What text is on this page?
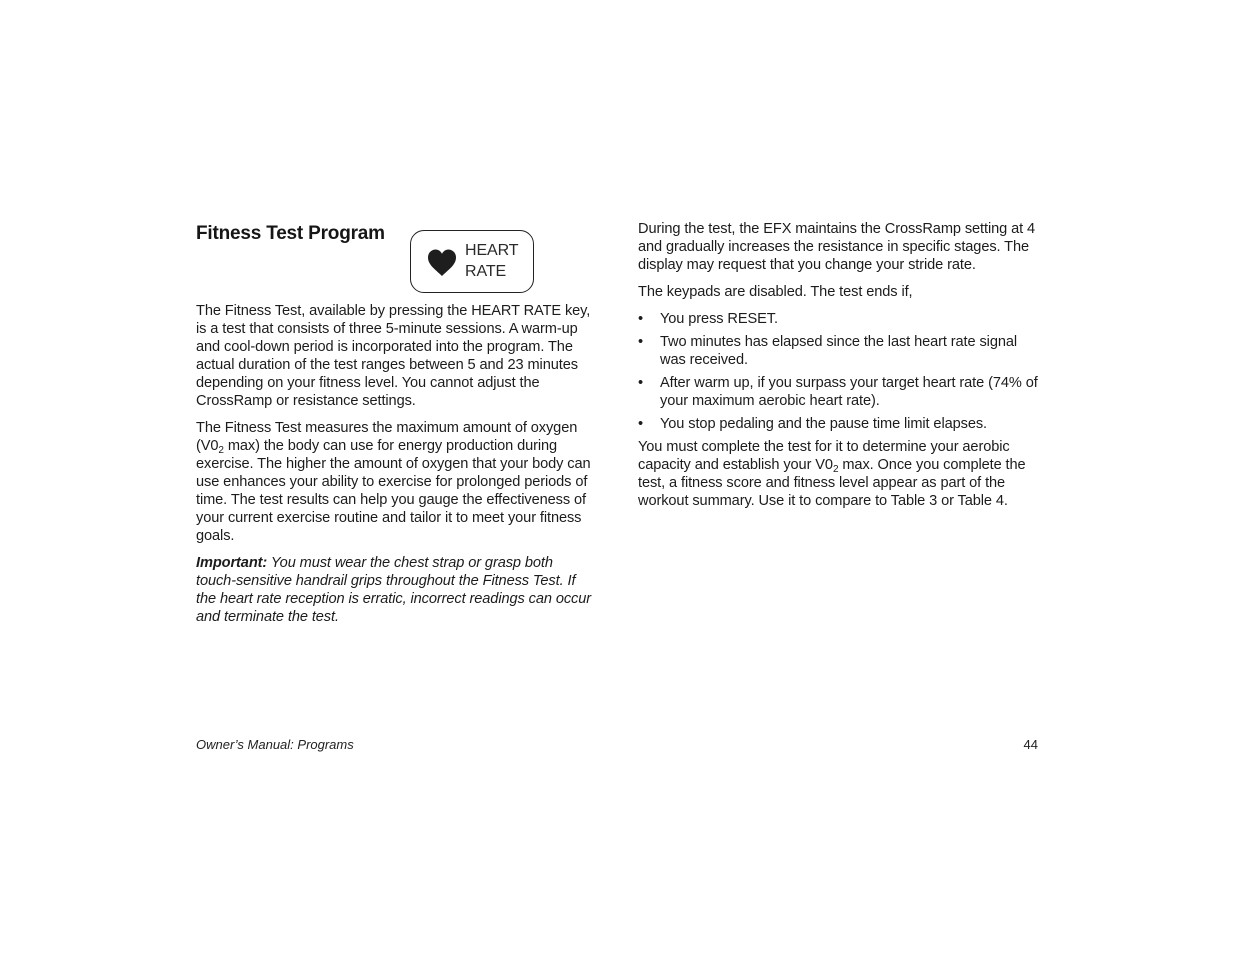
Fitness Test Program
HEART
RATE

The Fitness Test, available by pressing the HEART RATE key, is a test that consists of three 5-minute sessions. A warm-up and cool-down period is incorporated into the program. The actual duration of the test ranges between 5 and 23 minutes depending on your fitness level. You cannot adjust the CrossRamp or resistance settings.

The Fitness Test measures the maximum amount of oxygen ($V0_2$ max) the body can use for energy production during exercise. The higher the amount of oxygen that your body can use enhances your ability to exercise for prolonged periods of time. The test results can help you gauge the effectiveness of your current exercise routine and tailor it to meet your fitness goals.

Important: You must wear the chest strap or grasp both touch-sensitive handrail grips throughout the Fitness Test. If the heart rate reception is erratic, incorrect readings can occur and terminate the test.

During the test, the EFX maintains the CrossRamp setting at 4 and gradually increases the resistance in specific stages. The display may request that you change your stride rate.

The keypads are disabled. The test ends if,

• You press RESET.
• Two minutes has elapsed since the last heart rate signal was received.
• After warm up, if you surpass your target heart rate (74% of your maximum aerobic heart rate).
• You stop pedaling and the pause time limit elapses.

You must complete the test for it to determine your aerobic capacity and establish your $V0_2$ max. Once you complete the test, a fitness score and fitness level appear as part of the workout summary. Use it to compare to Table 3 or Table 4.

Owner’s Manual: Programs	44
